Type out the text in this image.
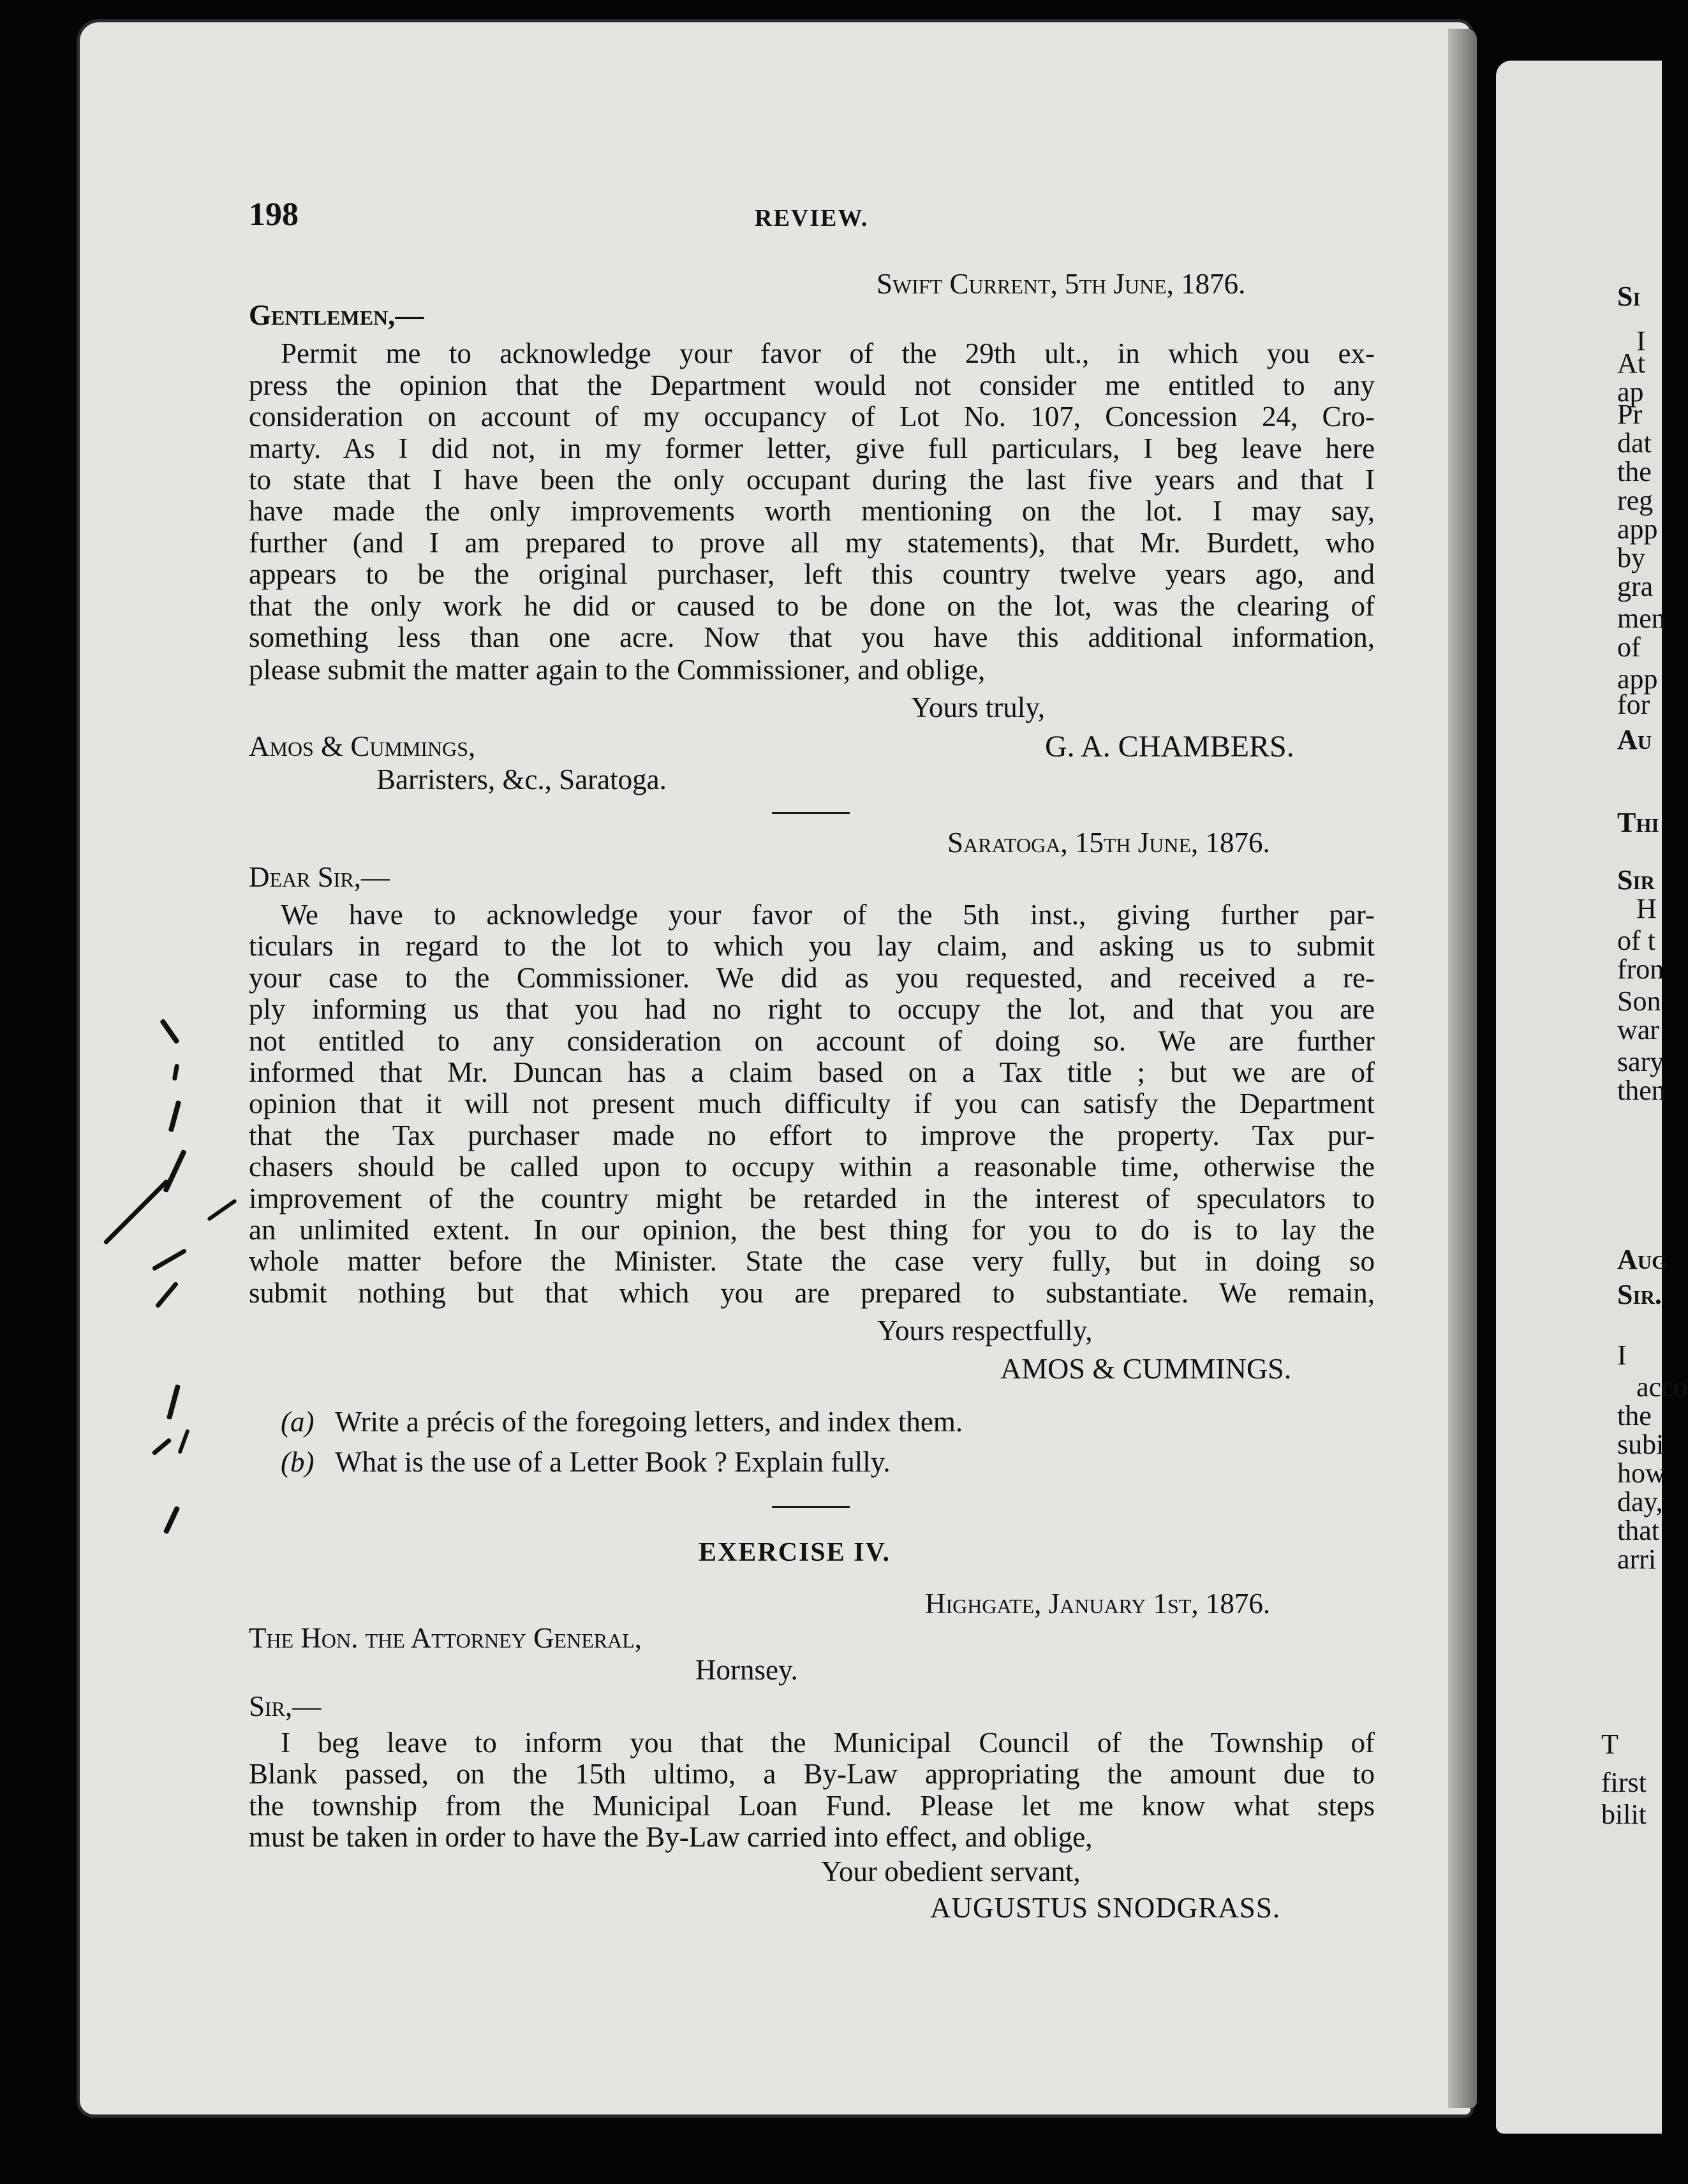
198	REVIEW.
Swift Current, 5th June, 1876.
Gentlemen,—
Permit me to acknowledge your favor of the 29th ult., in which you ex-
press the opinion that the Department would not consider me entitled to any
consideration on account of my occupancy of Lot No. 107, Concession 24, Cro-
marty. As I did not, in my former letter, give full particulars, I beg leave here
to state that I have been the only occupant during the last five years and that I
have made the only improvements worth mentioning on the lot. I may say,
further (and I am prepared to prove all my statements), that Mr. Burdett, who
appears to be the original purchaser, left this country twelve years ago, and
that the only work he did or caused to be done on the lot, was the clearing of
something less than one acre. Now that you have this additional information,
please submit the matter again to the Commissioner, and oblige,
Yours truly,
Amos & Cummings,	G. A. CHAMBERS.
Barristers, &c., Saratoga.
Saratoga, 15th June, 1876.
Dear Sir,—
We have to acknowledge your favor of the 5th inst., giving further par-
ticulars in regard to the lot to which you lay claim, and asking us to submit
your case to the Commissioner. We did as you requested, and received a re-
ply informing us that you had no right to occupy the lot, and that you are
not entitled to any consideration on account of doing so. We are further
informed that Mr. Duncan has a claim based on a Tax title ; but we are of
opinion that it will not present much difficulty if you can satisfy the Department
that the Tax purchaser made no effort to improve the property. Tax pur-
chasers should be called upon to occupy within a reasonable time, otherwise the
improvement of the country might be retarded in the interest of speculators to
an unlimited extent. In our opinion, the best thing for you to do is to lay the
whole matter before the Minister. State the case very fully, but in doing so
submit nothing but that which you are prepared to substantiate. We remain,
Yours respectfully,
AMOS & CUMMINGS.
(a) Write a précis of the foregoing letters, and index them.
(b) What is the use of a Letter Book ? Explain fully.
EXERCISE IV.
Highgate, January 1st, 1876.
The Hon. the Attorney General,
Hornsey.
Sir,—
I beg leave to inform you that the Municipal Council of the Township of
Blank passed, on the 15th ultimo, a By-Law appropriating the amount due to
the township from the Municipal Loan Fund. Please let me know what steps
must be taken in order to have the By-Law carried into effect, and oblige,
Your obedient servant,
AUGUSTUS SNODGRASS.
Si
I
At
ap
Pr
dat
the
reg
app
by
gra
men
of
app
for
Au
Thi
Sir
H
of t
fron
Son
war
sary
then
Aug
Sir.
I
acco
the
subi
how
day,
that
arri
T
first
bilit
